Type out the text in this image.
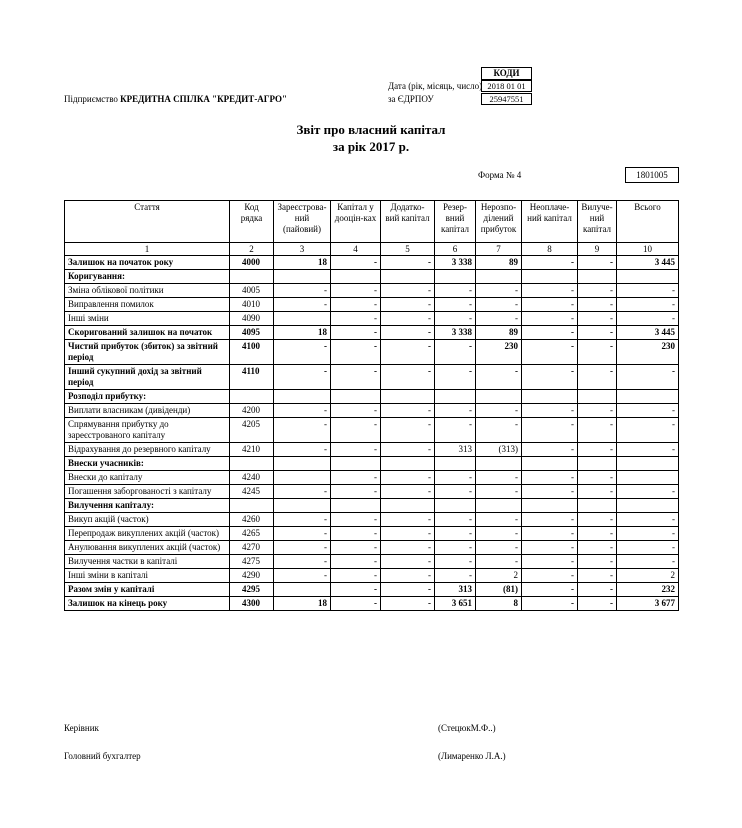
КОДИ
Дата (рік, місяць, число) 2018 01 01
Підприємство КРЕДИТНА СПІЛКА "КРЕДИТ-АГРО"	за ЄДРПОУ	25947551
Звіт про власний капітал
за рік 2017 р.
Форма № 4	1801005
Стаття	Код рядка	Зареєстрова-ний (пайовий)	Капітал у дооцін-ках	Додатко-вий капітал	Резер-вний капітал	Нерозпо-ділений прибуток	Неоплаче-ний капітал	Вилуче-ний капітал	Всього
1	2	3	4	5	6	7	8	9	10
Залишок на початок року	4000	18	-	-	3 338	89	-	-	3 445
Коригування:									
Зміна облікової політики	4005	-	-	-	-	-	-	-	-
Виправлення помилок	4010	-	-	-	-	-	-	-	-
Інші зміни	4090		-	-	-	-	-	-	-
Скоригований залишок на початок	4095	18	-	-	3 338	89	-	-	3 445
Чистий прибуток (збиток) за звітний період	4100	-	-	-	-	230	-	-	230
Інший сукупний дохід за звітний період	4110	-	-	-	-	-	-	-	-
Розподіл прибутку:									
Виплати власникам (дивіденди)	4200	-	-	-	-	-	-	-	-
Спрямування прибутку до зареєстрованого капіталу	4205	-	-	-	-	-	-	-	-
Відрахування до резервного капіталу	4210	-	-	-	313	(313)	-	-	-
Внески учасників:									
Внески до капіталу	4240		-	-	-	-	-	-	
Погашення заборгованості з капіталу	4245	-	-	-	-	-	-	-	-
Вилучення капіталу:									
Викуп акцій (часток)	4260	-	-	-	-	-	-	-	-
Перепродаж викуплених акцій (часток)	4265	-	-	-	-	-	-	-	-
Анулювання викуплених акцій (часток)	4270	-	-	-	-	-	-	-	-
Вилучення частки в капіталі	4275	-	-	-	-	-	-	-	-
Інші зміни в капіталі	4290	-	-	-	-	2	-	-	2
Разом змін у капіталі	4295		-	-	313	(81)	-	-	232
Залишок на кінець року	4300	18	-	-	3 651	8	-	-	3 677
Керівник	(СтецюкМ.Ф..)
Головний бухгалтер	(Лимаренко Л.А.)
